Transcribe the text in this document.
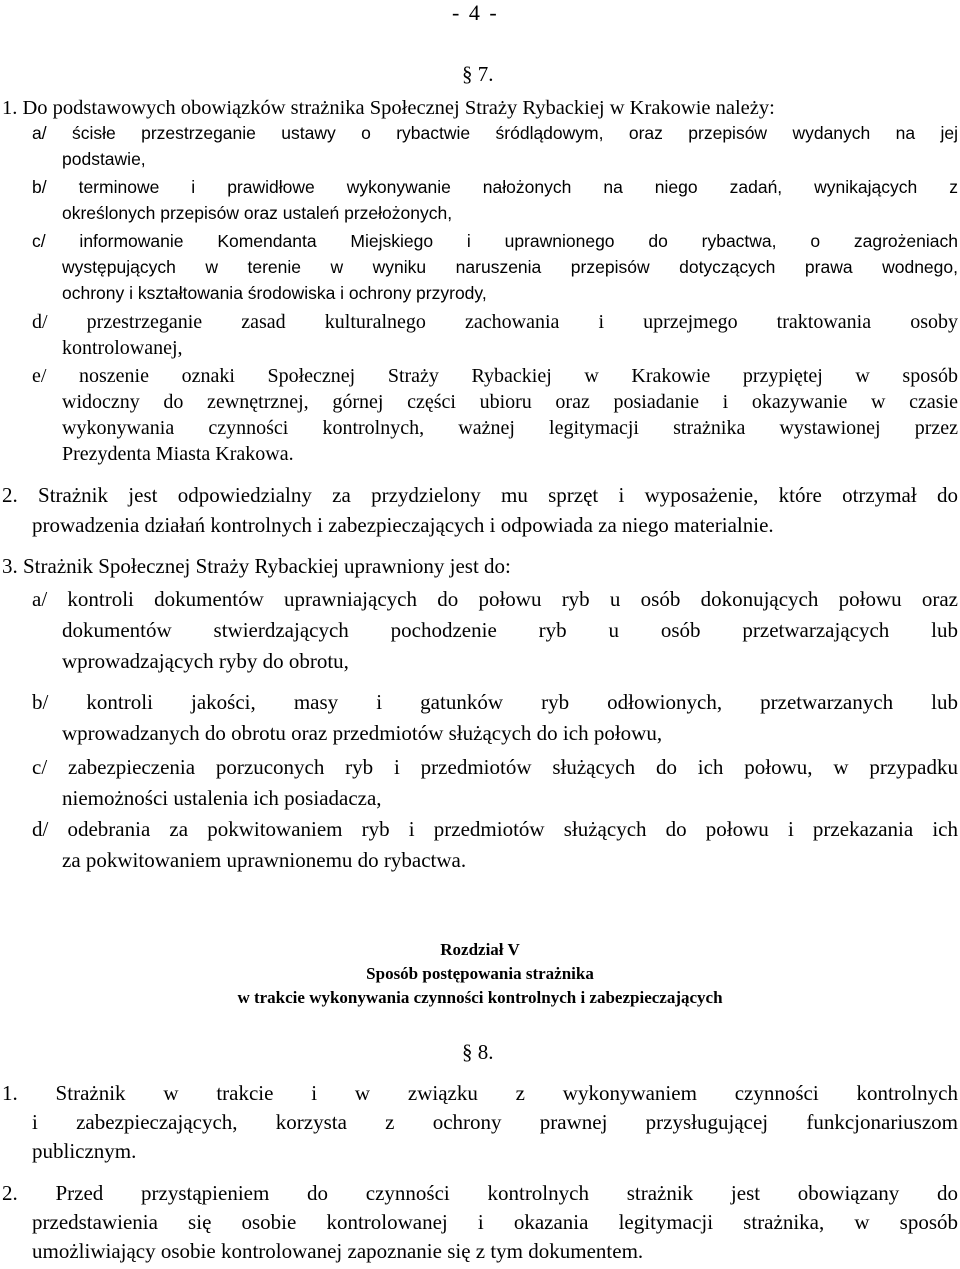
- 4 -
§ 7.
1. Do podstawowych obowiązków strażnika Społecznej Straży Rybackiej w Krakowie należy:
a/ ścisłe przestrzeganie ustawy o rybactwie śródlądowym, oraz przepisów wydanych na jej
podstawie,
b/ terminowe i prawidłowe wykonywanie nałożonych na niego zadań, wynikających z
określonych przepisów oraz ustaleń przełożonych,
c/ informowanie Komendanta Miejskiego i uprawnionego do rybactwa, o zagrożeniach
występujących w terenie w wyniku naruszenia przepisów dotyczących prawa wodnego,
ochrony i kształtowania środowiska i ochrony przyrody,
d/ przestrzeganie zasad kulturalnego zachowania i uprzejmego traktowania osoby
kontrolowanej,
e/ noszenie oznaki Społecznej Straży Rybackiej w Krakowie przypiętej w sposób
widoczny do zewnętrznej, górnej części ubioru oraz posiadanie i okazywanie w czasie
wykonywania czynności kontrolnych, ważnej legitymacji strażnika wystawionej przez
Prezydenta Miasta Krakowa.
2. Strażnik jest odpowiedzialny za przydzielony mu sprzęt i wyposażenie, które otrzymał do
prowadzenia działań kontrolnych i zabezpieczających i odpowiada za niego materialnie.
3. Strażnik Społecznej Straży Rybackiej uprawniony jest do:
a/ kontroli dokumentów uprawniających do połowu ryb u osób dokonujących połowu oraz
dokumentów stwierdzających pochodzenie ryb u osób przetwarzających lub
wprowadzających ryby do obrotu,
b/ kontroli jakości, masy i gatunków ryb odłowionych, przetwarzanych lub
wprowadzanych do obrotu oraz przedmiotów służących do ich połowu,
c/ zabezpieczenia porzuconych ryb i przedmiotów służących do ich połowu, w przypadku
niemożności ustalenia ich posiadacza,
d/ odebrania za pokwitowaniem ryb i przedmiotów służących do połowu i przekazania ich
za pokwitowaniem uprawnionemu do rybactwa.
Rozdział V
Sposób postępowania strażnika
w trakcie wykonywania czynności kontrolnych i zabezpieczających
§ 8.
1. Strażnik w trakcie i w związku z wykonywaniem czynności kontrolnych
i zabezpieczających, korzysta z ochrony prawnej przysługującej funkcjonariuszom
publicznym.
2. Przed przystąpieniem do czynności kontrolnych strażnik jest obowiązany do
przedstawienia się osobie kontrolowanej i okazania legitymacji strażnika, w sposób
umożliwiający osobie kontrolowanej zapoznanie się z tym dokumentem.
